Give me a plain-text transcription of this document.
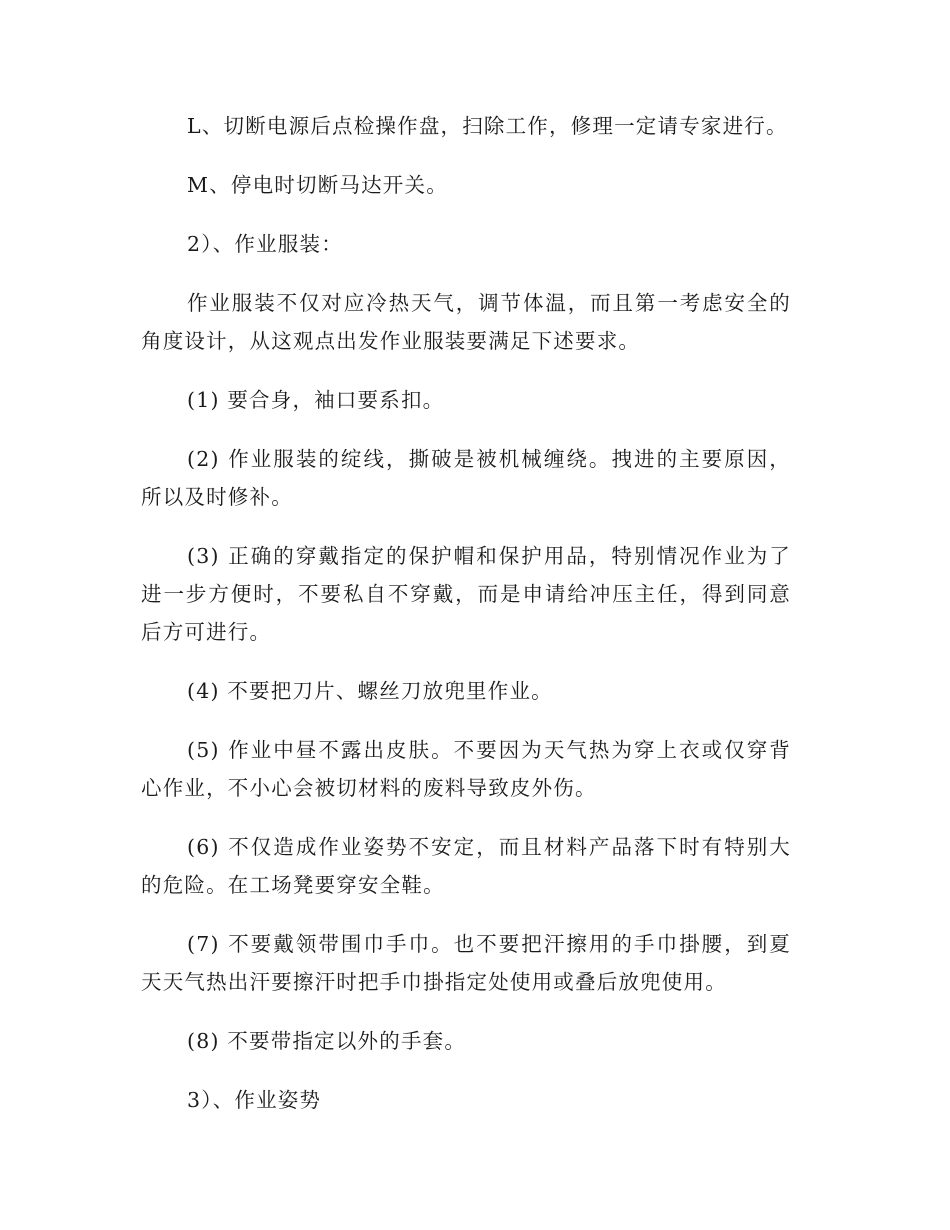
L、切断电源后点检操作盘，扫除工作，修理一定请专家进行。

M、停电时切断马达开关。

2）、作业服装：

作业服装不仅对应冷热天气，调节体温，而且第一考虑安全的角度设计，从这观点出发作业服装要满足下述要求。

(1) 要合身，袖口要系扣。

(2) 作业服装的绽线，撕破是被机械缠绕。拽进的主要原因，所以及时修补。

(3) 正确的穿戴指定的保护帽和保护用品，特别情况作业为了进一步方便时，不要私自不穿戴，而是申请给冲压主任，得到同意后方可进行。

(4) 不要把刀片、螺丝刀放兜里作业。

(5) 作业中昼不露出皮肤。不要因为天气热为穿上衣或仅穿背心作业，不小心会被切材料的废料导致皮外伤。

(6) 不仅造成作业姿势不安定，而且材料产品落下时有特别大的危险。在工场凳要穿安全鞋。

(7) 不要戴领带围巾手巾。也不要把汗擦用的手巾掛腰，到夏天天气热出汗要擦汗时把手巾掛指定处使用或叠后放兜使用。

(8) 不要带指定以外的手套。

3）、作业姿势
